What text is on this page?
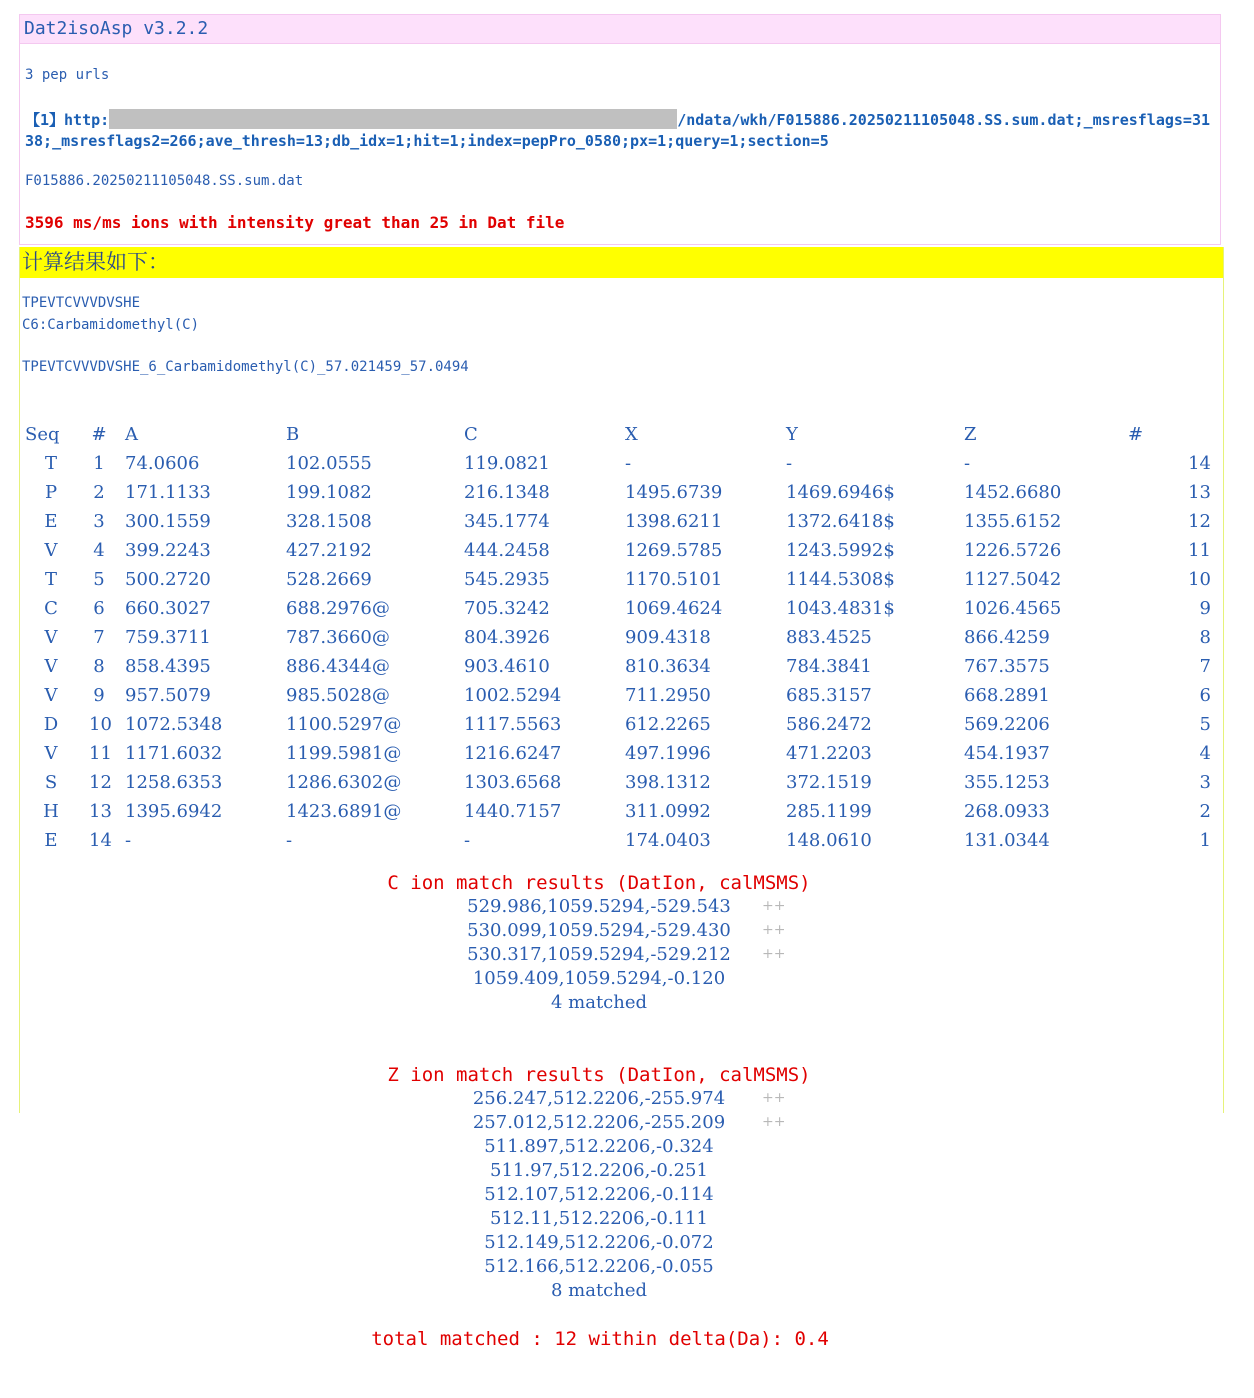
Dat2isoAsp v3.2.2
3 pep urls
【1】http:	/ndata/wkh/F015886.20250211105048.SS.sum.dat;_msresflags=3138;_msresflags2=266;ave_thresh=13;db_idx=1;hit=1;index=pepPro_0580;px=1;query=1;section=5
F015886.20250211105048.SS.sum.dat
3596 ms/ms ions with intensity great than 25 in Dat file
计算结果如下：
TPEVTCVVVDVSHE
C6:Carbamidomethyl(C)
TPEVTCVVVDVSHE_6_Carbamidomethyl(C)_57.021459_57.0494
Seq	# A	B	C	X	Y	Z	#
T	1 74.0606	102.0555	119.0821	-	-	-	14
P	2 171.1133	199.1082	216.1348	1495.6739	1469.6946$	1452.6680	13
E	3 300.1559	328.1508	345.1774	1398.6211	1372.6418$	1355.6152	12
V	4 399.2243	427.2192	444.2458	1269.5785	1243.5992$	1226.5726	11
T	5 500.2720	528.2669	545.2935	1170.5101	1144.5308$	1127.5042	10
C	6 660.3027	688.2976@	705.3242	1069.4624	1043.4831$	1026.4565	9
V	7 759.3711	787.3660@	804.3926	909.4318	883.4525	866.4259	8
V	8 858.4395	886.4344@	903.4610	810.3634	784.3841	767.3575	7
V	9 957.5079	985.5028@	1002.5294	711.2950	685.3157	668.2891	6
D	10 1072.5348	1100.5297@	1117.5563	612.2265	586.2472	569.2206	5
V	11 1171.6032	1199.5981@	1216.6247	497.1996	471.2203	454.1937	4
S	12 1258.6353	1286.6302@	1303.6568	398.1312	372.1519	355.1253	3
H	13 1395.6942	1423.6891@	1440.7157	311.0992	285.1199	268.0933	2
E	14 -	-	-	174.0403	148.0610	131.0344	1
C ion match results (DatIon, calMSMS)
529.986,1059.5294,-529.543	++
530.099,1059.5294,-529.430	++
530.317,1059.5294,-529.212	++
1059.409,1059.5294,-0.120
4 matched
Z ion match results (DatIon, calMSMS)
256.247,512.2206,-255.974	++
257.012,512.2206,-255.209	++
511.897,512.2206,-0.324
511.97,512.2206,-0.251
512.107,512.2206,-0.114
512.11,512.2206,-0.111
512.149,512.2206,-0.072
512.166,512.2206,-0.055
8 matched
total matched : 12 within delta(Da): 0.4
